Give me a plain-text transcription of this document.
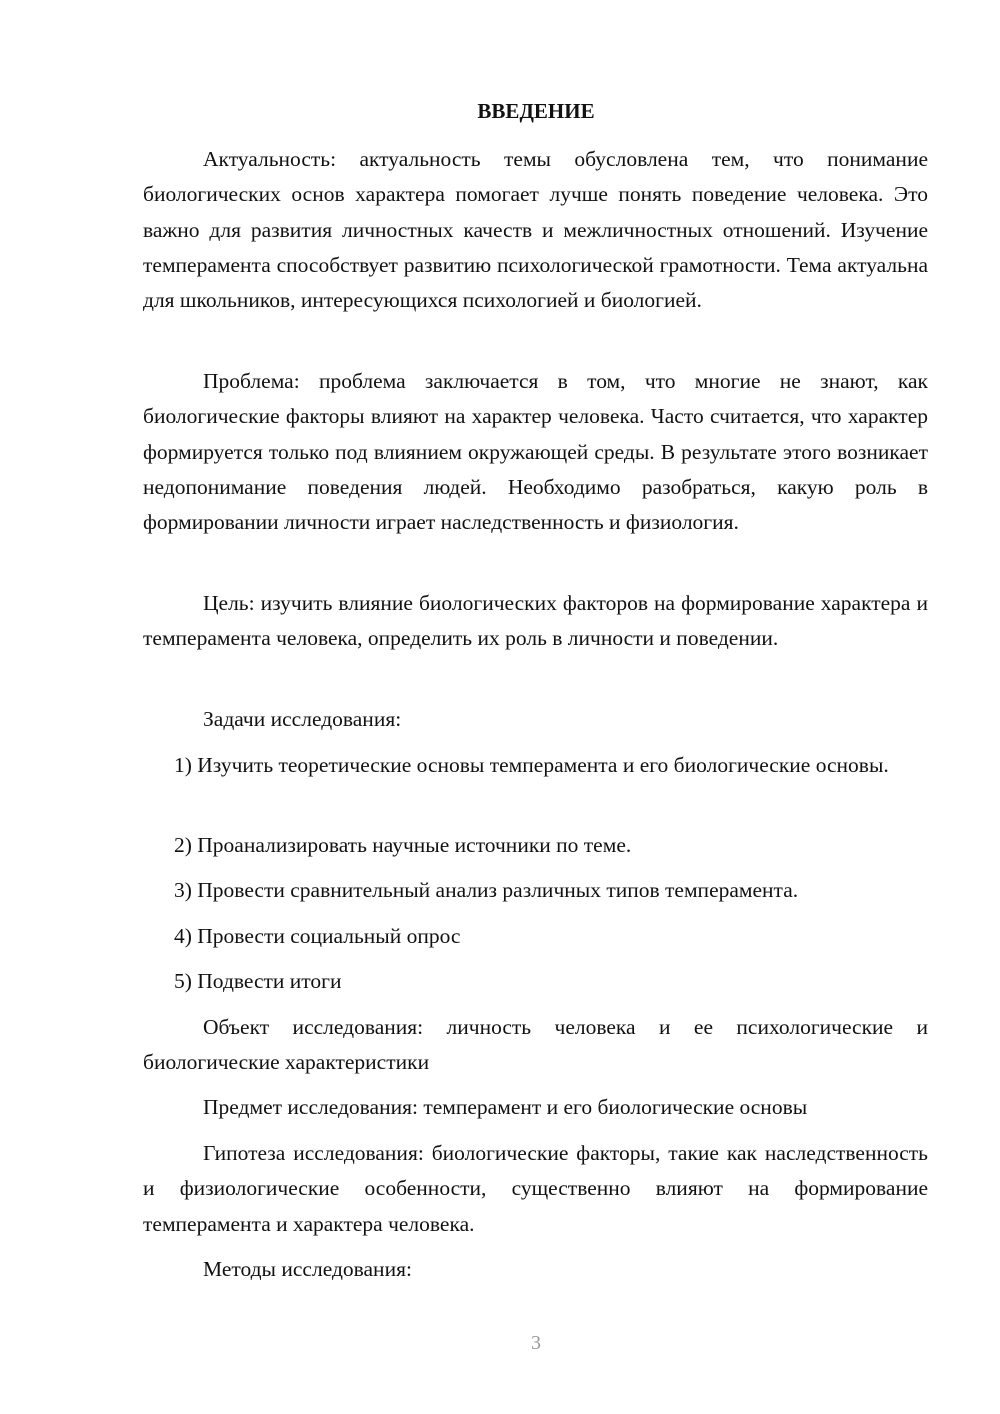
ВВЕДЕНИЕ

Актуальность: актуальность темы обусловлена тем, что понимание биологических основ характера помогает лучше понять поведение человека. Это важно для развития личностных качеств и межличностных отношений. Изучение темперамента способствует развитию психологической грамотности. Тема актуальна для школьников, интересующихся психологией и биологией.

Проблема: проблема заключается в том, что многие не знают, как биологические факторы влияют на характер человека. Часто считается, что характер формируется только под влиянием окружающей среды. В результате этого возникает недопонимание поведения людей. Необходимо разобраться, какую роль в формировании личности играет наследственность и физиология.

Цель: изучить влияние биологических факторов на формирование характера и темперамента человека, определить их роль в личности и поведении.

Задачи исследования:

1) Изучить теоретические основы темперамента и его биологические основы.

2) Проанализировать научные источники по теме.

3) Провести сравнительный анализ различных типов темперамента.

4) Провести социальный опрос

5) Подвести итоги

Объект исследования: личность человека и ее психологические и биологические характеристики

Предмет исследования: темперамент и его биологические основы

Гипотеза исследования: биологические факторы, такие как наследственность и физиологические особенности, существенно влияют на формирование темперамента и характера человека.

Методы исследования:

3
